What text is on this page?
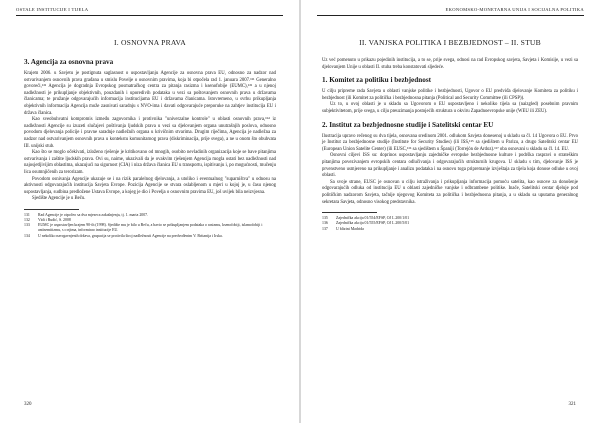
OSTALE INSTITUCIJE I TIJELA
I. OSNOVNA PRAVA
3. Agencija za osnovna prava

Krajem 2006. u Savjetu je postignuta saglasnost o uspostavljanju Agencije za osnovna prava EU, odnosno za nadzor nad ostvarivanjem osnovnih prava građana u smislu Povelje o osnovnim pravima, koja bi otpočela rad 1. januara 2007.¹³¹ Generalno govoreći,¹³² Agencija je dogradnja Evropskog posmatračkog centra za pitanja rasizma i ksenofobije (EUMC),¹³³ a u njenoj nadležnosti je prikupljanje objektivnih, pouzdanih i uporedivih podataka u vezi sa poštovanjem osnovnih prava u državama članicama; te pružanje odgovarajućih informacija institucijama EU i državama članicama. Istovremeno, u svrhu prikupljanja objektivnih informacija Agencija može zasnivati saradnju s NVO-ima i davati odgovarajuće preporuke na zahtjev institucija EU i država članica.

Kao sveobuhvatni kompromis između zagovornika i protivnika "univerzalne kontrole" u oblasti osnovnih prava,¹³⁴ iz nadležnosti Agencije su izuzeti slučajevi poštivanja ljudskih prava u vezi sa djelovanjem organa unutrašnjih poslova, odnosno povodom djelovanja policije i pravne saradnje nadležnih organa u krivičnim stvarima. Drugim riječima, Agencija je nadležna za nadzor nad ostvarivanjem osnovnih prava u kontekstu komunitarnog prava (diskriminacija, prije svega), a ne u onom što obuhvata III. unijski stub.

Kao što se moglo očekivati, izloženo rješenje je kritikovano od mnogih, osobito nevladinih organizacija koje se bave pitanjima ostvarivanja i zaštite ljudskih prava. Ovi su, naime, ukazivali da je ovakvim rješenjem Agencija mogla ostati bez nadležnosti nad najosjetljivijim oblastima, ukazujući na sigurnost (CIA) i niza država članica EU u transportu, ispitivanju i, po mogućnosti, mučenju lica osumnjičenih za terorizam.

Povodom osnivanja Agencije ukazuje se i na rizik paralelnog djelovanja, a utoliko i eventualnog "suparništva" u odnosu na aktivnosti odgovarajućih institucija Savjeta Evrope. Pozicija Agencije se stvara oslabljenom u mjeri u kojoj je, u času njenog uspostavljanja, sudbina predložene Ustava Evrope, a kojeg je dio i Povelja o osnovnim pravima EU, još uvijek bila neizvjesna.

Sjedište Agencije je u Beču.

131	Rad Agencije je otpočeo sa dva mjeseca zakašnjenja, tj. 1. marta 2007.
132	Vidi i Rudić, S. 2008
133	EUMC je uspostavljen krajem 90-ih (1998). Sjedište mu je bilo u Beču, a bavio se prikupljanjem podataka o rasizmu, ksenofobiji, islamofobiji i antisemitizmu, s o njima, informirao institucije EU.
134	U nekoliko navrgavnjenih država, grupacija se protivila široj nadležnosti Agencije na predvođenim V. Britanija i Irska.
320
EKONOMSKO-MONETARNA UNIJA I SOCIJALNA POLITIKA
II. VANJSKA POLITIKA I BEZBJEDNOST – II. STUB

Uz već pomenuto u prikazu pojedinih institucija, a to se, prije svega, odnosi na rad Evropskog savjeta, Savjeta i Komisije, u vezi sa djelovanjem Unije u oblasti II. stuba treba konstatovati sljedeće.

1. Komitet za politiku i bezbjednost

U cilju pripreme rada Savjeta u oblasti vanjske politike i bezbjednosti, Ugovor o EU predviđa djelovanje Komiteta za politiku i bezbjednost (ili Komitet za politička i bezbjednosna pitanja (Political and Security Committee (ili CPSP)).

Uz to, u ovoj oblasti je u skladu sa Ugovorom o EU uspostavljeno i nekoliko tijela sa (naizgled) posebnim pravnim subjektivitetom, prije svega, u cilju preuzimanja postojećih struktura u okviru Zapadnoevropske unije (WEU ili ZEU).

2. Institut za bezbjednosne studije i Satelitski centar EU

Ilustracija upravo rečenog su dva tijela, osnovana sredinom 2001. odlukom Savjeta donesenoj u skladu sa čl. 14 Ugovora o EU. Prvo je Institut za bezbjednosne studije (Institute for Security Studies) (ili ISS,¹³⁵ sa sjedištem u Parizu, a drugo Satelitski centar EU (European Union Satelite Center) (ili EUSC,¹³⁶ sa sjedištem u Španiji (Torrejón de Ardoz).¹³⁷ oba osnovani u skladu sa čl. 14. EU.

Osnovni ciljevi ISS su: doprinos uspostavljanju zajedničke evropske bezbjednosne kulture i podrška raspravi o strateškim pitanjima povezivanjem evropskih centara odlučivanja i odgovarajućih strukturnih krugova. U skladu s tim, djelovanje ISS je prvenstveno usmjereno na prikupljanje i analizu podataka i na osnovu toga pripremanje izvještaja za tijela koja donose odluke u ovoj oblasti.

Sa svoje strane, EUSC je osnovan u cilju istraživanja i prikupljanja informacija pomoću satelita, kao osnove za donošenje odgovarajućih odluka od institucija EU u oblasti zajedničke vanjske i odbrambene politike. Inače, Satelitski centar djeluje pod političkim nadzorom Savjeta, tačnije njegovog Komiteta za politička i bezbjednosna pitanja, a u skladu sa uputama generalnog sekretara Savjeta, odnosno visokog predstavnika.

135	Zajednička akcija 01/554/EFSP, OJ L 200/1/01
136	Zajednička akcija 01/555/EFSP, OJ L 200/5/01
137	U blizini Madrida
321
